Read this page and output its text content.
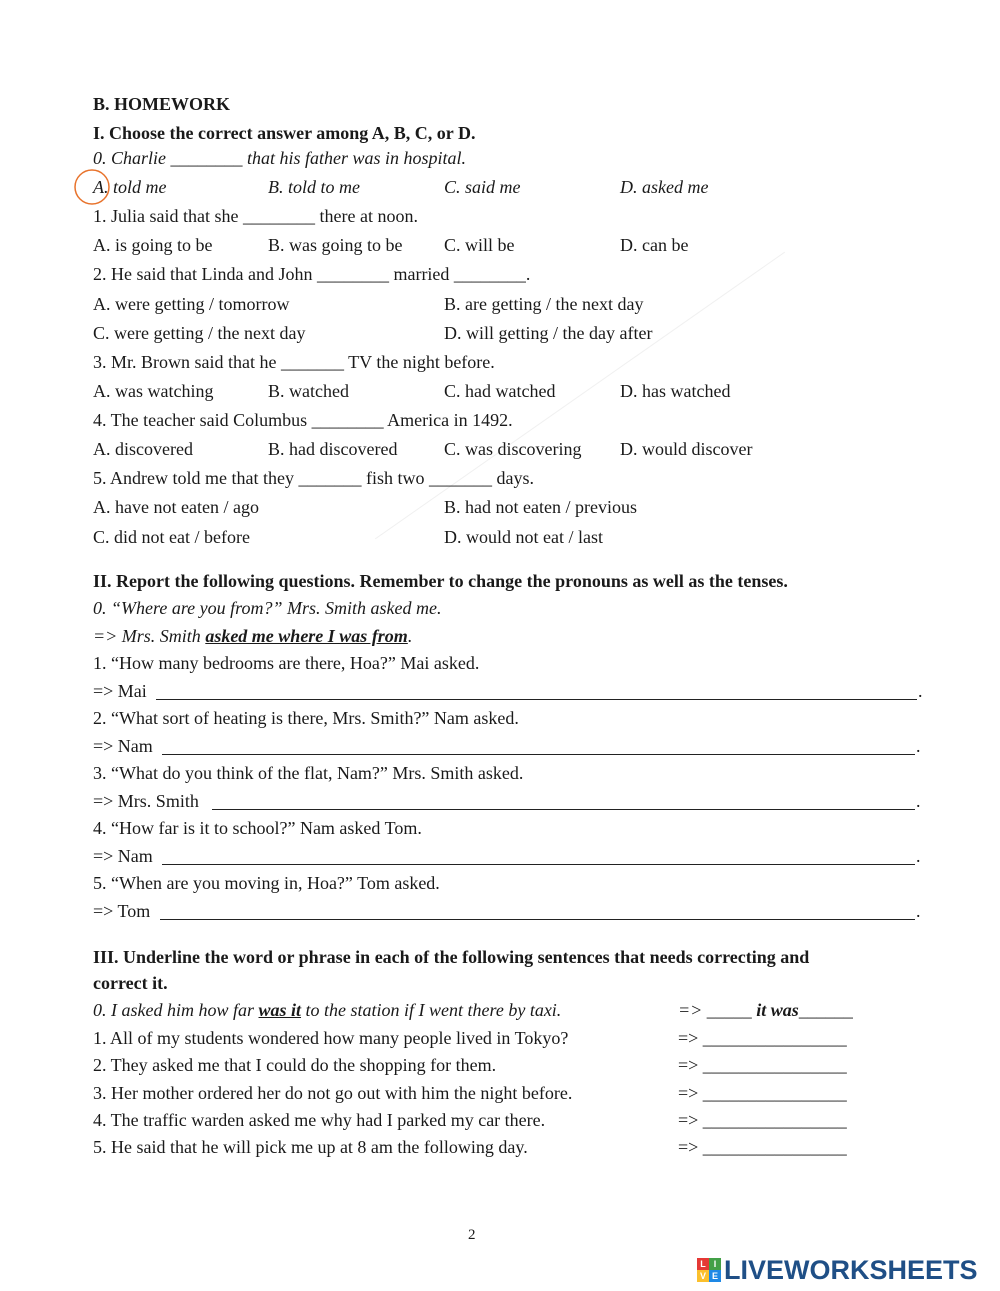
B. HOMEWORK
I. Choose the correct answer among A, B, C, or D.
0. Charlie ________ that his father was in hospital.
A. told me	B. told to me	C. said me	D. asked me
1. Julia said that she ________ there at noon.
A. is going to be	B. was going to be C. will be	D. can be
2. He said that Linda and John ________ married ________.
A. were getting / tomorrow	B. are getting / the next day
C. were getting / the next day	D. will getting / the day after
3. Mr. Brown said that he _______ TV the night before.
A. was watching	B. watched	C. had watched	D. has watched
4. The teacher said Columbus ________ America in 1492.
A. discovered	B. had discovered	C. was discovering D. would discover
5. Andrew told me that they _______ fish two _______ days.
A. have not eaten / ago	B. had not eaten / previous
C. did not eat / before	D. would not eat / last
II. Report the following questions. Remember to change the pronouns as well as the tenses.
0. “Where are you from?” Mrs. Smith asked me.
=> Mrs. Smith asked me where I was from.
1. “How many bedrooms are there, Hoa?” Mai asked.
=> Mai	.
2. “What sort of heating is there, Mrs. Smith?” Nam asked.
=> Nam	.
3. “What do you think of the flat, Nam?” Mrs. Smith asked.
=> Mrs. Smith	.
4. “How far is it to school?” Nam asked Tom.
=> Nam	.
5. “When are you moving in, Hoa?” Tom asked.
=> Tom	.
III. Underline the word or phrase in each of the following sentences that needs correcting and
correct it.
0. I asked him how far was it to the station if I went there by taxi.	=> _____ it was______
1. All of my students wondered how many people lived in Tokyo?	=> ________________
2. They asked me that I could do the shopping for them.	=> ________________
3. Her mother ordered her do not go out with him the night before.	=> ________________
4. The traffic warden asked me why had I parked my car there.	=> ________________
5. He said that he will pick me up at 8 am the following day.	=> ________________
2
L I
V E LIVEWORKSHEETS
